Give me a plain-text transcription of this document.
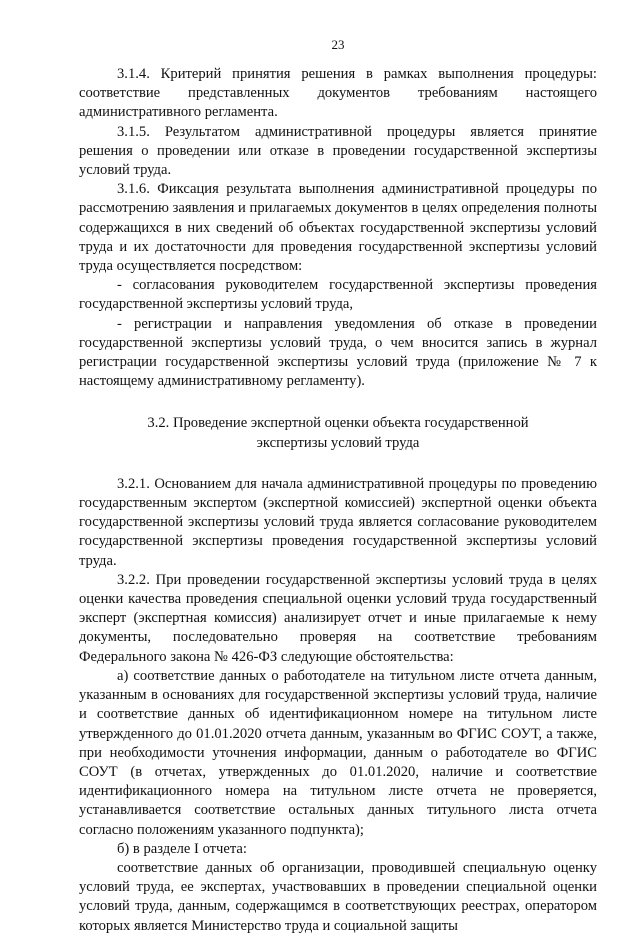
23

3.1.4. Критерий принятия решения в рамках выполнения процедуры: соответствие представленных документов требованиям настоящего административного регламента.

3.1.5. Результатом административной процедуры является принятие решения о проведении или отказе в проведении государственной экспертизы условий труда.

3.1.6. Фиксация результата выполнения административной процедуры по рассмотрению заявления и прилагаемых документов в целях определения полноты содержащихся в них сведений об объектах государственной экспертизы условий труда и их достаточности для проведения государственной экспертизы условий труда осуществляется посредством:

- согласования руководителем государственной экспертизы проведения государственной экспертизы условий труда,

- регистрации и направления уведомления об отказе в проведении государственной экспертизы условий труда, о чем вносится запись в журнал регистрации государственной экспертизы условий труда (приложение № 7 к настоящему административному регламенту).

3.2. Проведение экспертной оценки объекта государственной
экспертизы условий труда

3.2.1. Основанием для начала административной процедуры по проведению государственным экспертом (экспертной комиссией) экспертной оценки объекта государственной экспертизы условий труда является согласование руководителем государственной экспертизы проведения государственной экспертизы условий труда.

3.2.2. При проведении государственной экспертизы условий труда в целях оценки качества проведения специальной оценки условий труда государственный эксперт (экспертная комиссия) анализирует отчет и иные прилагаемые к нему документы, последовательно проверяя на соответствие требованиям Федерального закона № 426-ФЗ следующие обстоятельства:

а) соответствие данных о работодателе на титульном листе отчета данным, указанным в основаниях для государственной экспертизы условий труда, наличие и соответствие данных об идентификационном номере на титульном листе утвержденного до 01.01.2020 отчета данным, указанным во ФГИС СОУТ, а также, при необходимости уточнения информации, данным о работодателе во ФГИС СОУТ (в отчетах, утвержденных до 01.01.2020, наличие и соответствие идентификационного номера на титульном листе отчета не проверяется, устанавливается соответствие остальных данных титульного листа отчета согласно положениям указанного подпункта);

б) в разделе I отчета:

соответствие данных об организации, проводившей специальную оценку условий труда, ее экспертах, участвовавших в проведении специальной оценки условий труда, данным, содержащимся в соответствующих реестрах, оператором которых является Министерство труда и социальной защиты
